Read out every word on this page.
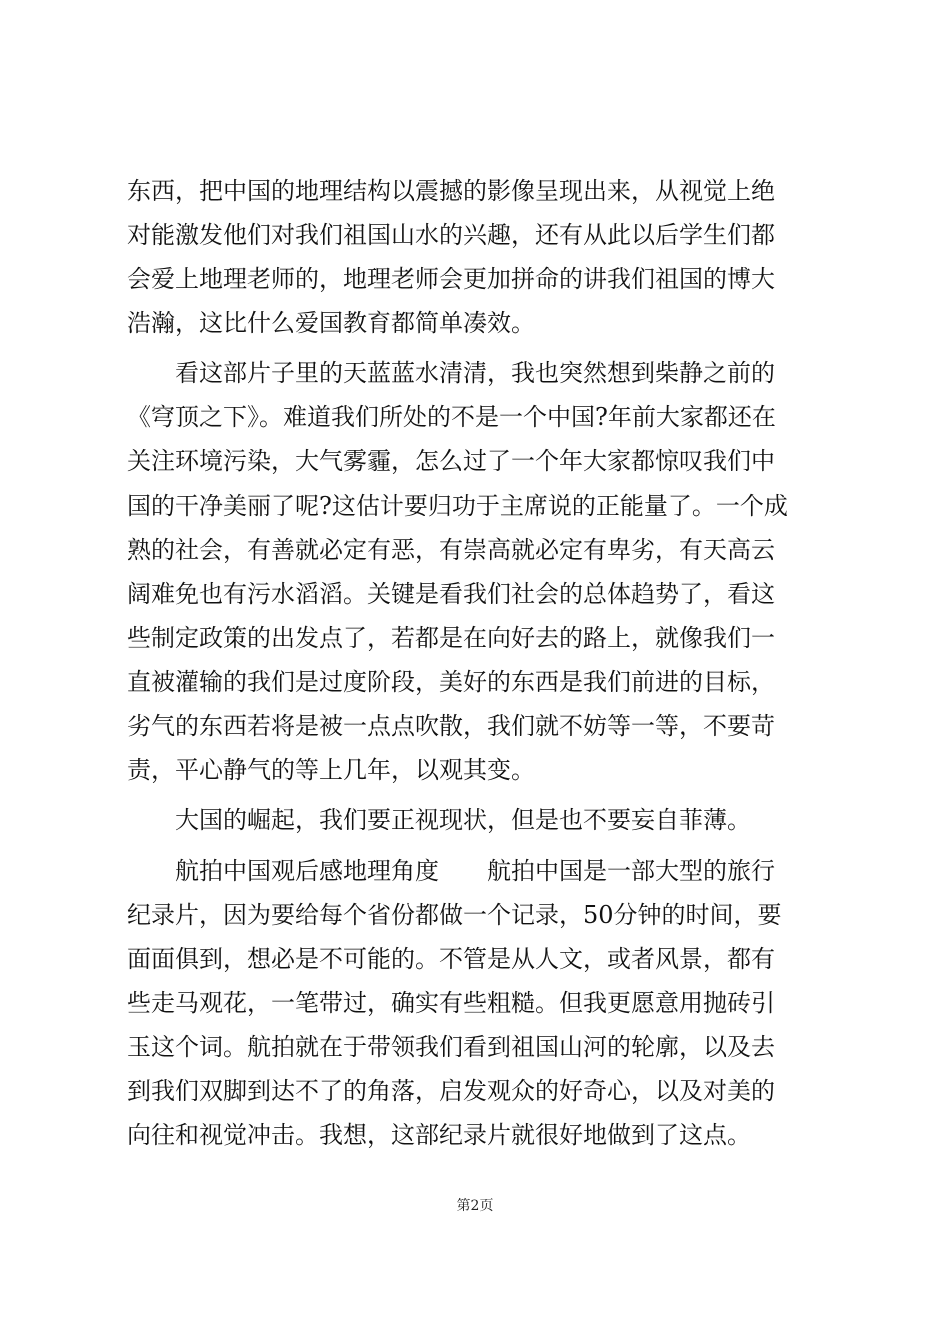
东西，把中国的地理结构以震撼的影像呈现出来，从视觉上绝
对能激发他们对我们祖国山水的兴趣，还有从此以后学生们都
会爱上地理老师的，地理老师会更加拼命的讲我们祖国的博大
浩瀚，这比什么爱国教育都简单凑效。
　　看这部片子里的天蓝蓝水清清，我也突然想到柴静之前的
《穹顶之下》。难道我们所处的不是一个中国?年前大家都还在
关注环境污染，大气雾霾，怎么过了一个年大家都惊叹我们中
国的干净美丽了呢?这估计要归功于主席说的正能量了。一个成
熟的社会，有善就必定有恶，有崇高就必定有卑劣，有天高云
阔难免也有污水滔滔。关键是看我们社会的总体趋势了，看这
些制定政策的出发点了，若都是在向好去的路上，就像我们一
直被灌输的我们是过度阶段，美好的东西是我们前进的目标，
劣气的东西若将是被一点点吹散，我们就不妨等一等，不要苛
责，平心静气的等上几年，以观其变。
　　大国的崛起，我们要正视现状，但是也不要妄自菲薄。
　　航拍中国观后感地理角度　　航拍中国是一部大型的旅行
纪录片，因为要给每个省份都做一个记录，50分钟的时间，要
面面俱到，想必是不可能的。不管是从人文，或者风景，都有
些走马观花，一笔带过，确实有些粗糙。但我更愿意用抛砖引
玉这个词。航拍就在于带领我们看到祖国山河的轮廓，以及去
到我们双脚到达不了的角落，启发观众的好奇心，以及对美的
向往和视觉冲击。我想，这部纪录片就很好地做到了这点。
第2页
